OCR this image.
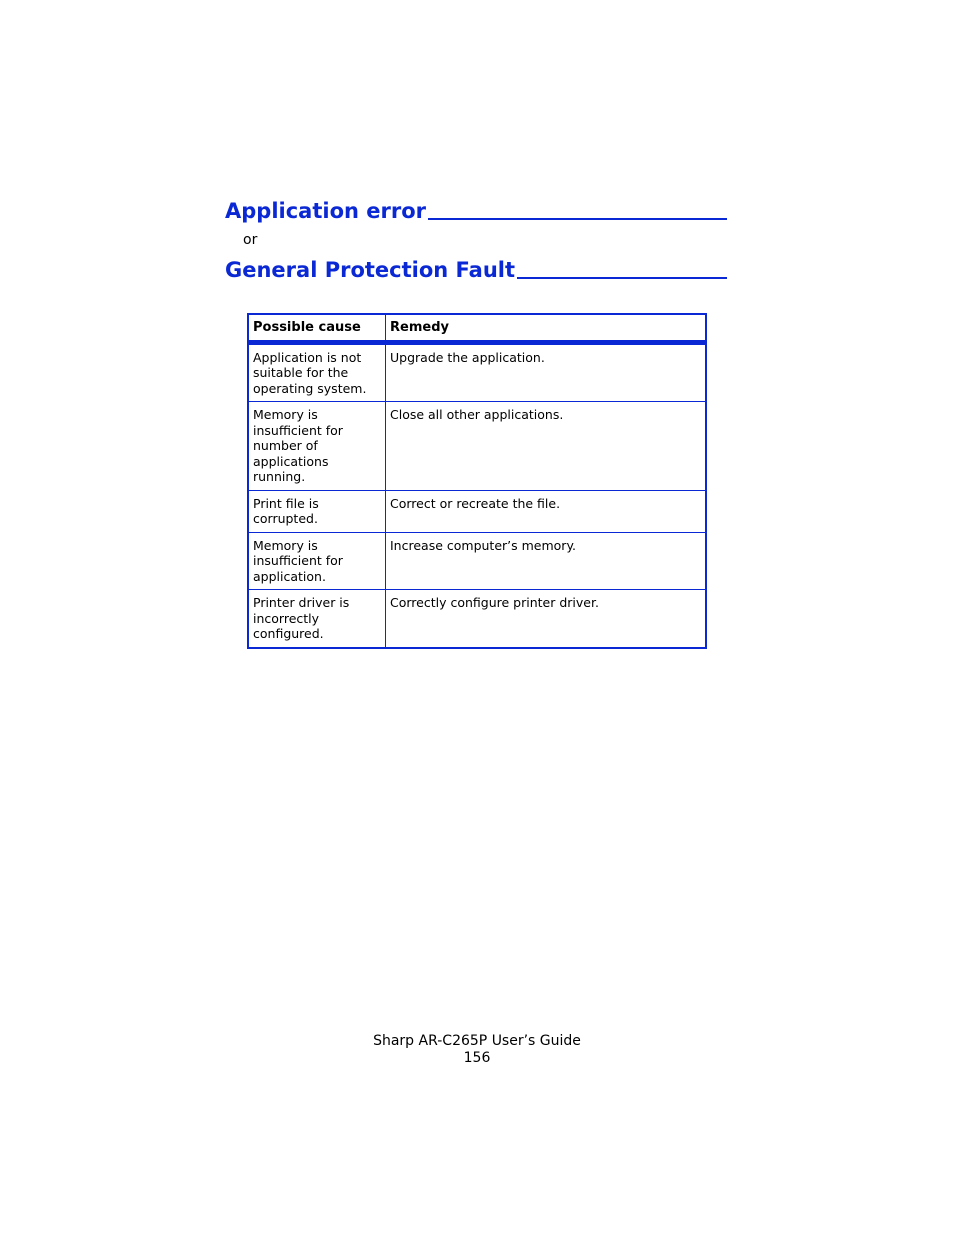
Application error

or

General Protection Fault
Possible cause	Remedy

Application is not
suitable for the
operating system.	Upgrade the application.

Memory is
insufficient for
number of
applications
running.	Close all other applications.

Print file is
corrupted.	Correct or recreate the file.

Memory is
insufficient for
application.	Increase computer’s memory.

Printer driver is
incorrectly
configured.	Correctly configure printer driver.

Sharp AR-C265P User’s Guide

156
